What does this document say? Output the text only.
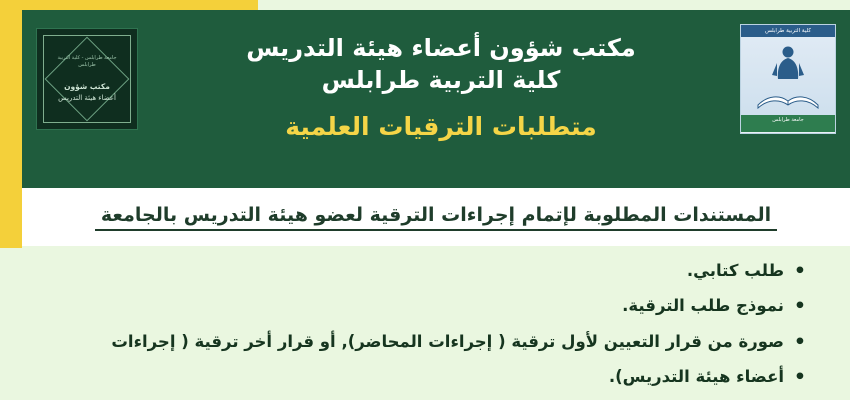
جامعة طرابلس - كلية التربية طرابلس
مكتب شؤون
أعضاء هيئة التدريس
مكتب شؤون أعضاء هيئة التدريس
كلية التربية طرابلس
متطلبات الترقيات العلمية
كلية التربية طرابلس
جامعة طرابلس
المستندات المطلوبة لإتمام إجراءات الترقية لعضو هيئة التدريس بالجامعة
• طلب كتابي.
• نموذج طلب الترقية.
• صورة من قرار التعيين لأول ترقية ( إجراءات المحاضر), أو قرار أخر ترقية ( إجراءات
• أعضاء هيئة التدريس).
